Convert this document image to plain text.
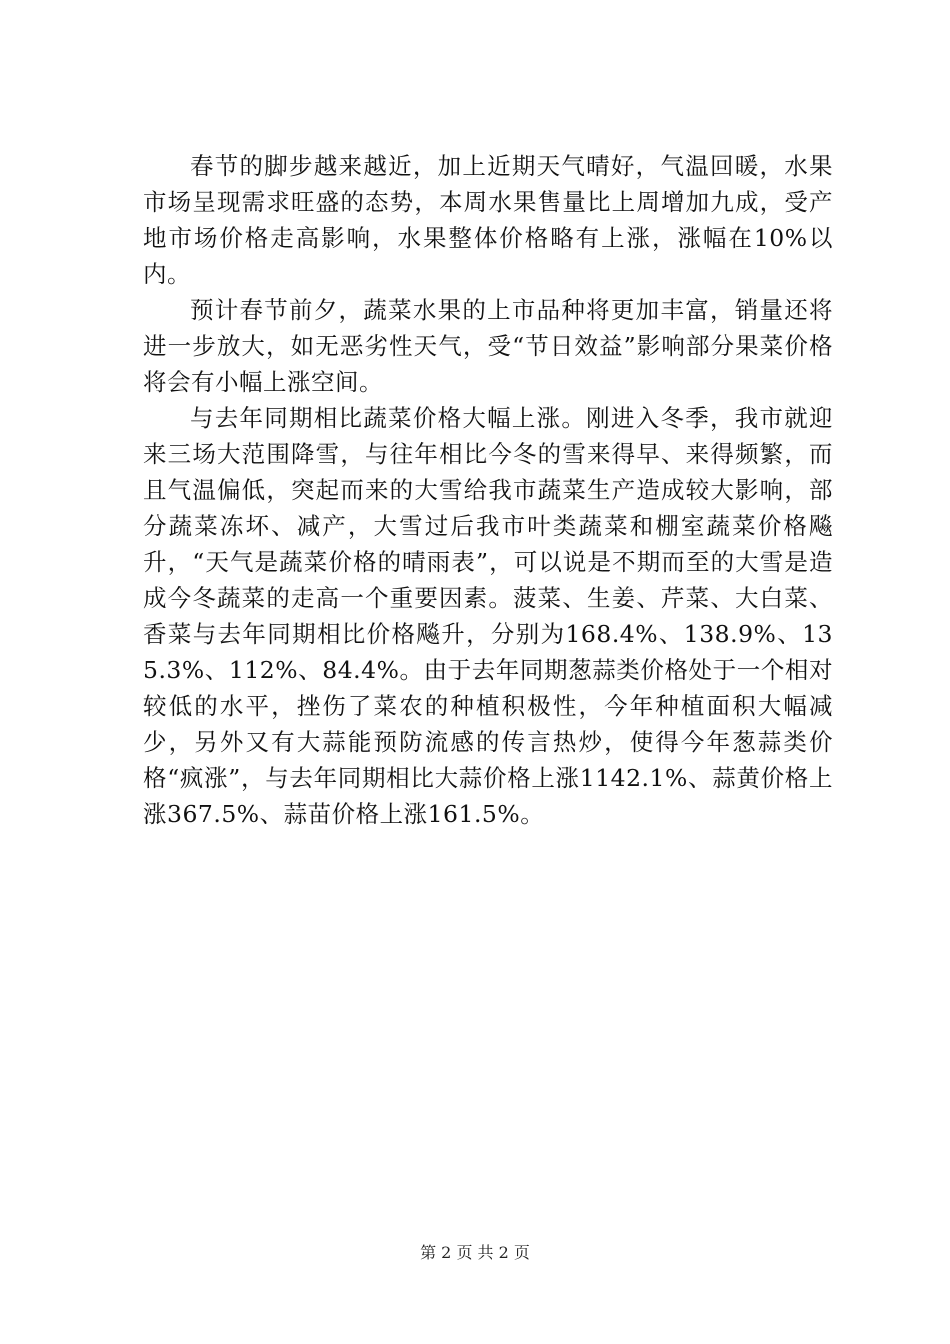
春节的脚步越来越近，加上近期天气晴好，气温回暖，水果市场呈现需求旺盛的态势，本周水果售量比上周增加九成，受产地市场价格走高影响，水果整体价格略有上涨，涨幅在10%以内。

预计春节前夕，蔬菜水果的上市品种将更加丰富，销量还将进一步放大，如无恶劣性天气，受“节日效益”影响部分果菜价格将会有小幅上涨空间。

与去年同期相比蔬菜价格大幅上涨。刚进入冬季，我市就迎来三场大范围降雪，与往年相比今冬的雪来得早、来得频繁，而且气温偏低，突起而来的大雪给我市蔬菜生产造成较大影响，部分蔬菜冻坏、减产，大雪过后我市叶类蔬菜和棚室蔬菜价格飚升，“天气是蔬菜价格的晴雨表”，可以说是不期而至的大雪是造成今冬蔬菜的走高一个重要因素。菠菜、生姜、芹菜、大白菜、香菜与去年同期相比价格飚升，分别为168.4%、138.9%、135.3%、112%、84.4%。由于去年同期葱蒜类价格处于一个相对较低的水平，挫伤了菜农的种植积极性，今年种植面积大幅减少，另外又有大蒜能预防流感的传言热炒，使得今年葱蒜类价格“疯涨”，与去年同期相比大蒜价格上涨1142.1%、蒜黄价格上涨367.5%、蒜苗价格上涨161.5%。

第 2 页 共 2 页
